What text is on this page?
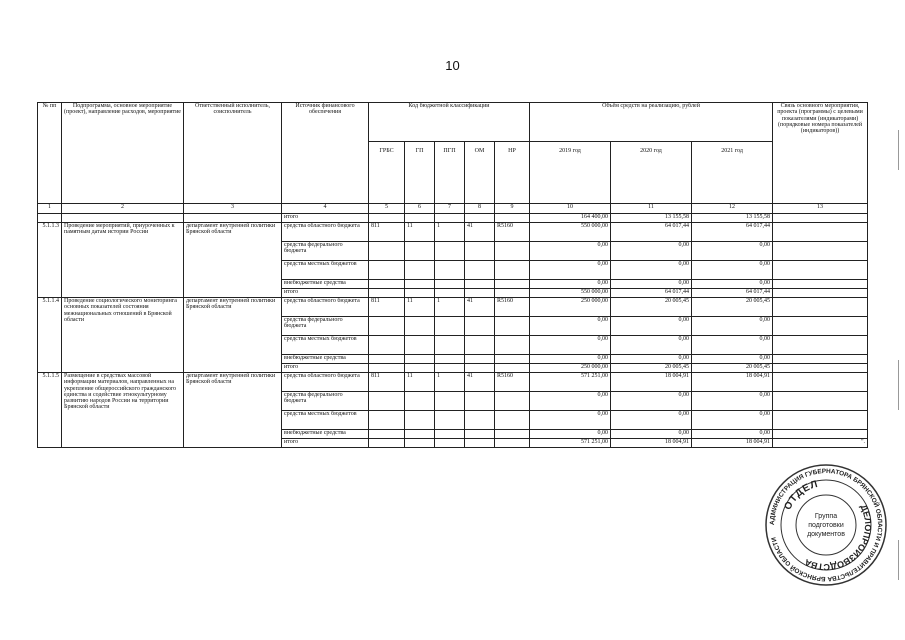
10
№ пп	Подпрограмма, основное мероприятие (проект), направление расходов, мероприятие	Ответственный исполнитель, соисполнитель	Источник финансового обеспечения	Код бюджетной классификации					Объём средств на реализацию, рублей			Связь основного мероприятия, проекта (программы) с целевыми показателями (индикаторами) (порядковые номера показателей (индикаторов))
				ГРБС	ГП	ПГП	ОМ	НР	2019 год	2020 год	2021 год	
1	2	3	4	5	6	7	8	9	10	11	12	13
			итого						164 400,00	13 155,58	13 155,58	
5.1.1.3	Проведение мероприятий, приуроченных к памятным датам истории России	департамент внутренней политики Брянской области	средства областного бюджета	811	11	1	41	R5160	550 000,00	64 017,44	64 017,44	
			средства федерального бюджета						0,00	0,00	0,00	
			средства местных бюджетов						0,00	0,00	0,00	
			внебюджетные средства						0,00	0,00	0,00	
			итого						550 000,00	64 017,44	64 017,44	
5.1.1.4	Проведение социологического мониторинга основных показателей состояния межнациональных отношений в Брянской области	департамент внутренней политики Брянской области	средства областного бюджета	811	11	1	41	R5160	250 000,00	20 005,45	20 005,45	
			средства федерального бюджета						0,00	0,00	0,00	
			средства местных бюджетов						0,00	0,00	0,00	
			внебюджетные средства						0,00	0,00	0,00	
			итого						250 000,00	20 005,45	20 005,45	
5.1.1.5	Размещение в средствах массовой информации материалов, направленных на укрепление общероссийского гражданского единства и содействие этнокультурному развитию народов России на территории Брянской области	департамент внутренней политики Брянской области	средства областного бюджета	811	11	1	41	R5160	571 251,00	18 004,91	18 004,91	
			средства федерального бюджета						0,00	0,00	0,00	
			средства местных бюджетов						0,00	0,00	0,00	
			внебюджетные средства						0,00	0,00	0,00	
			итого						571 251,00	18 004,91	18 004,91	".
АДМИНИСТРАЦИЯ ГУБЕРНАТОРА БРЯНСКОЙ ОБЛАСТИ И ПРАВИТЕЛЬСТВА БРЯНСКОЙ ОБЛАСТИ
ОТДЕЛ
ДЕЛОПРОИЗВОДСТВА
Группа
подготовки
документов
